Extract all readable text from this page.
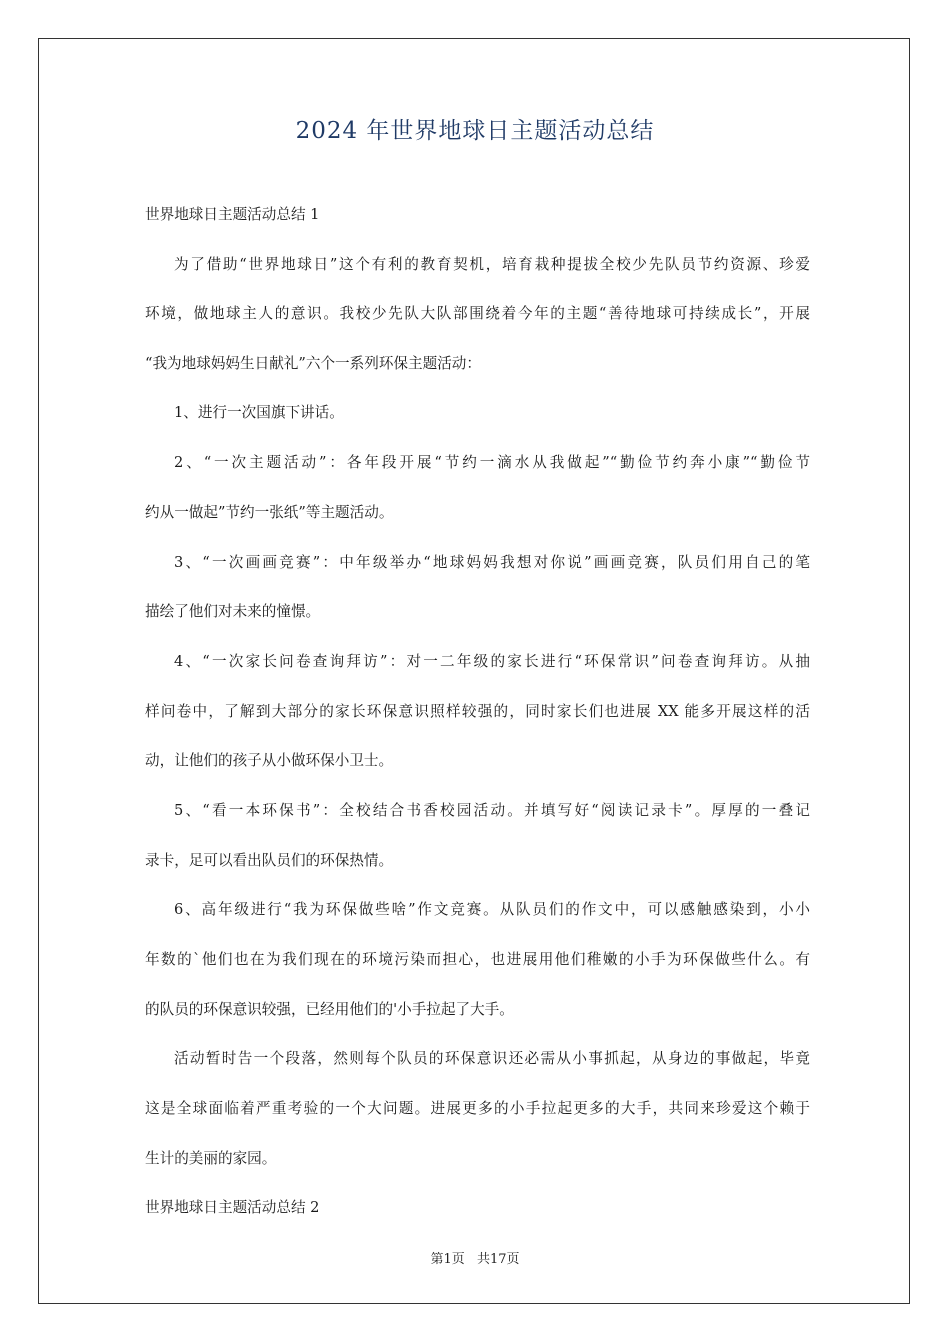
2024 年世界地球日主题活动总结

世界地球日主题活动总结 1

为了借助“世界地球日”这个有利的教育契机，培育栽种提拔全校少先队员节约资源、珍爱

环境，做地球主人的意识。我校少先队大队部围绕着今年的主题“善待地球可持续成长”，开展

“我为地球妈妈生日献礼”六个一系列环保主题活动：

1、进行一次国旗下讲话。

2、“一次主题活动”：各年段开展“节约一滴水从我做起”“勤俭节约奔小康”“勤俭节

约从一做起”节约一张纸”等主题活动。

3、“一次画画竞赛”：中年级举办“地球妈妈我想对你说”画画竞赛，队员们用自己的笔

描绘了他们对未来的憧憬。

4、“一次家长问卷查询拜访”：对一二年级的家长进行“环保常识”问卷查询拜访。从抽

样问卷中，了解到大部分的家长环保意识照样较强的，同时家长们也进展 XX 能多开展这样的活

动，让他们的孩子从小做环保小卫士。

5、“看一本环保书”：全校结合书香校园活动。并填写好“阅读记录卡”。厚厚的一叠记

录卡，足可以看出队员们的环保热情。

6、高年级进行“我为环保做些啥”作文竞赛。从队员们的作文中，可以感触感染到，小小

年数的`他们也在为我们现在的环境污染而担心，也进展用他们稚嫩的小手为环保做些什么。有

的队员的环保意识较强，已经用他们的'小手拉起了大手。

活动暂时告一个段落，然则每个队员的环保意识还必需从小事抓起，从身边的事做起，毕竟

这是全球面临着严重考验的一个大问题。进展更多的小手拉起更多的大手，共同来珍爱这个赖于

生计的美丽的家园。

世界地球日主题活动总结 2

第1页 共17页
